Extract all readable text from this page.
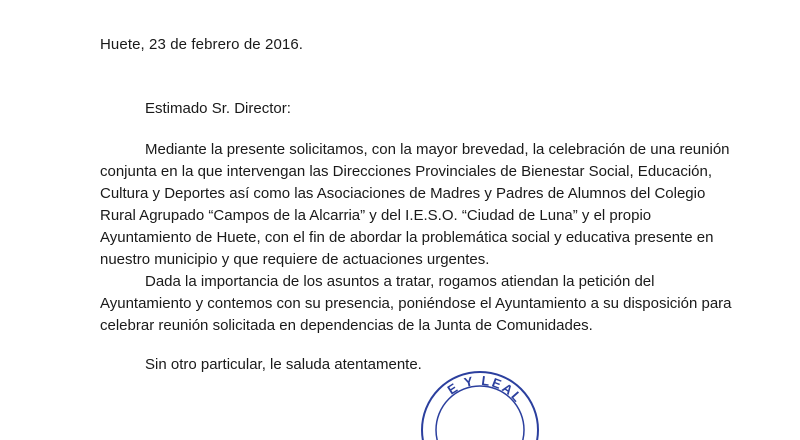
Huete, 23 de febrero de 2016.
Estimado Sr. Director:

Mediante la presente solicitamos, con la mayor brevedad, la celebración de una reunión conjunta en la que intervengan las Direcciones Provinciales de Bienestar Social, Educación, Cultura y Deportes así como las Asociaciones de Madres y Padres de Alumnos del Colegio Rural Agrupado “Campos de la Alcarria” y del I.E.S.O. “Ciudad de Luna” y el propio Ayuntamiento de Huete, con el fin de abordar la problemática social y educativa presente en nuestro municipio y que requiere de actuaciones urgentes.

Dada la importancia de los asuntos a tratar, rogamos atiendan la petición del Ayuntamiento y contemos con su presencia, poniéndose el Ayuntamiento a su disposición para celebrar reunión solicitada en dependencias de la Junta de Comunidades.

Sin otro particular, le saluda atentamente.
E Y LEAL
